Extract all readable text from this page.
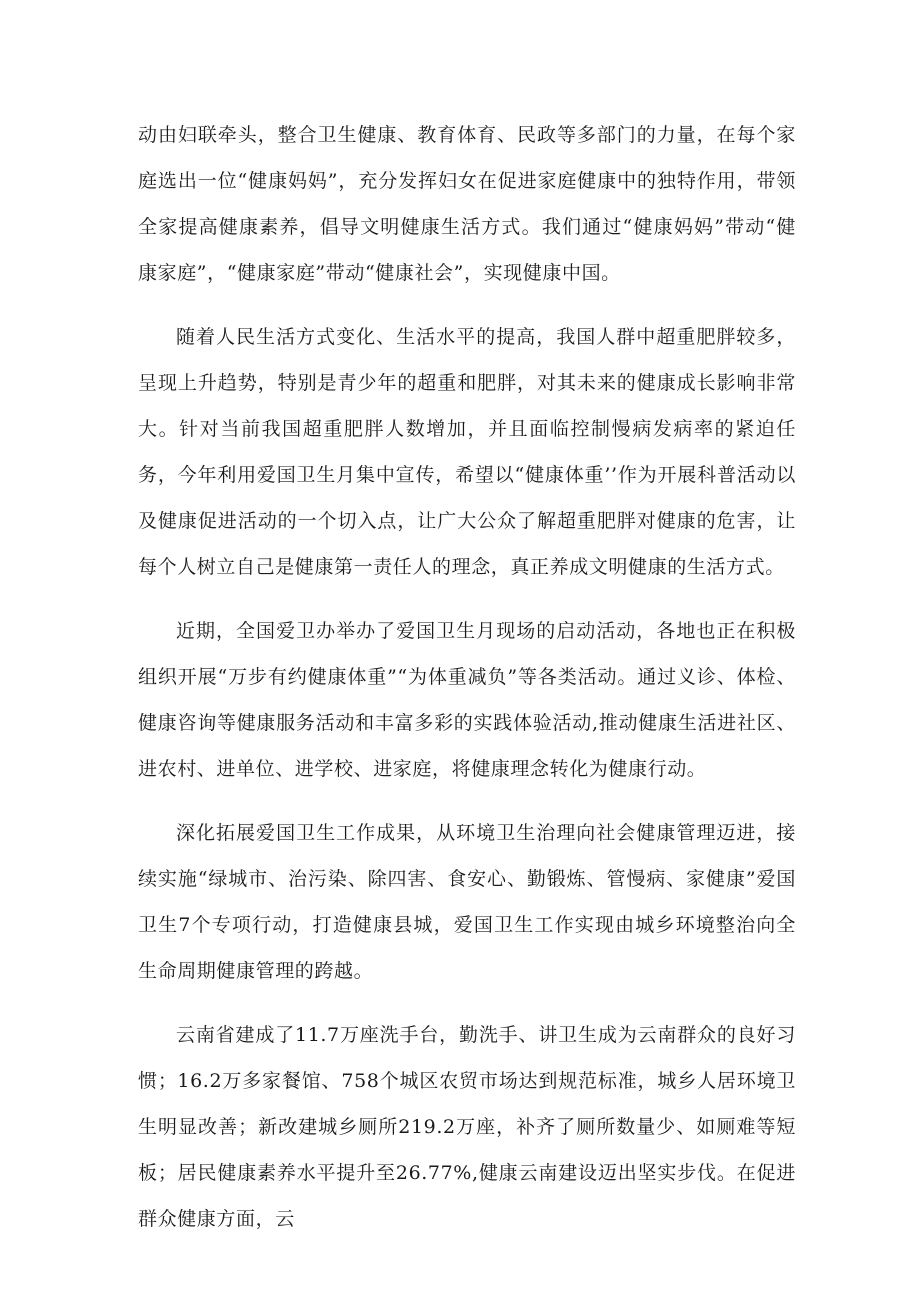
动由妇联牵头，整合卫生健康、教育体育、民政等多部门的力量，在每个家庭选出一位“健康妈妈”，充分发挥妇女在促进家庭健康中的独特作用，带领全家提高健康素养，倡导文明健康生活方式。我们通过“健康妈妈”带动“健康家庭”，“健康家庭”带动“健康社会”，实现健康中国。

随着人民生活方式变化、生活水平的提高，我国人群中超重肥胖较多，呈现上升趋势，特别是青少年的超重和肥胖，对其未来的健康成长影响非常大。针对当前我国超重肥胖人数增加，并且面临控制慢病发病率的紧迫任务，今年利用爱国卫生月集中宣传，希望以“健康体重’’作为开展科普活动以及健康促进活动的一个切入点，让广大公众了解超重肥胖对健康的危害，让每个人树立自己是健康第一责任人的理念，真正养成文明健康的生活方式。

近期，全国爱卫办举办了爱国卫生月现场的启动活动，各地也正在积极组织开展“万步有约健康体重”“为体重减负”等各类活动。通过义诊、体检、健康咨询等健康服务活动和丰富多彩的实践体验活动,推动健康生活进社区、进农村、进单位、进学校、进家庭，将健康理念转化为健康行动。

深化拓展爱国卫生工作成果，从环境卫生治理向社会健康管理迈进，接续实施“绿城市、治污染、除四害、食安心、勤锻炼、管慢病、家健康”爱国卫生7个专项行动，打造健康县城，爱国卫生工作实现由城乡环境整治向全生命周期健康管理的跨越。

云南省建成了11.7万座洗手台，勤洗手、讲卫生成为云南群众的良好习惯；16.2万多家餐馆、758个城区农贸市场达到规范标准，城乡人居环境卫生明显改善；新改建城乡厕所219.2万座，补齐了厕所数量少、如厕难等短板；居民健康素养水平提升至26.77%,健康云南建设迈出坚实步伐。在促进群众健康方面，云
